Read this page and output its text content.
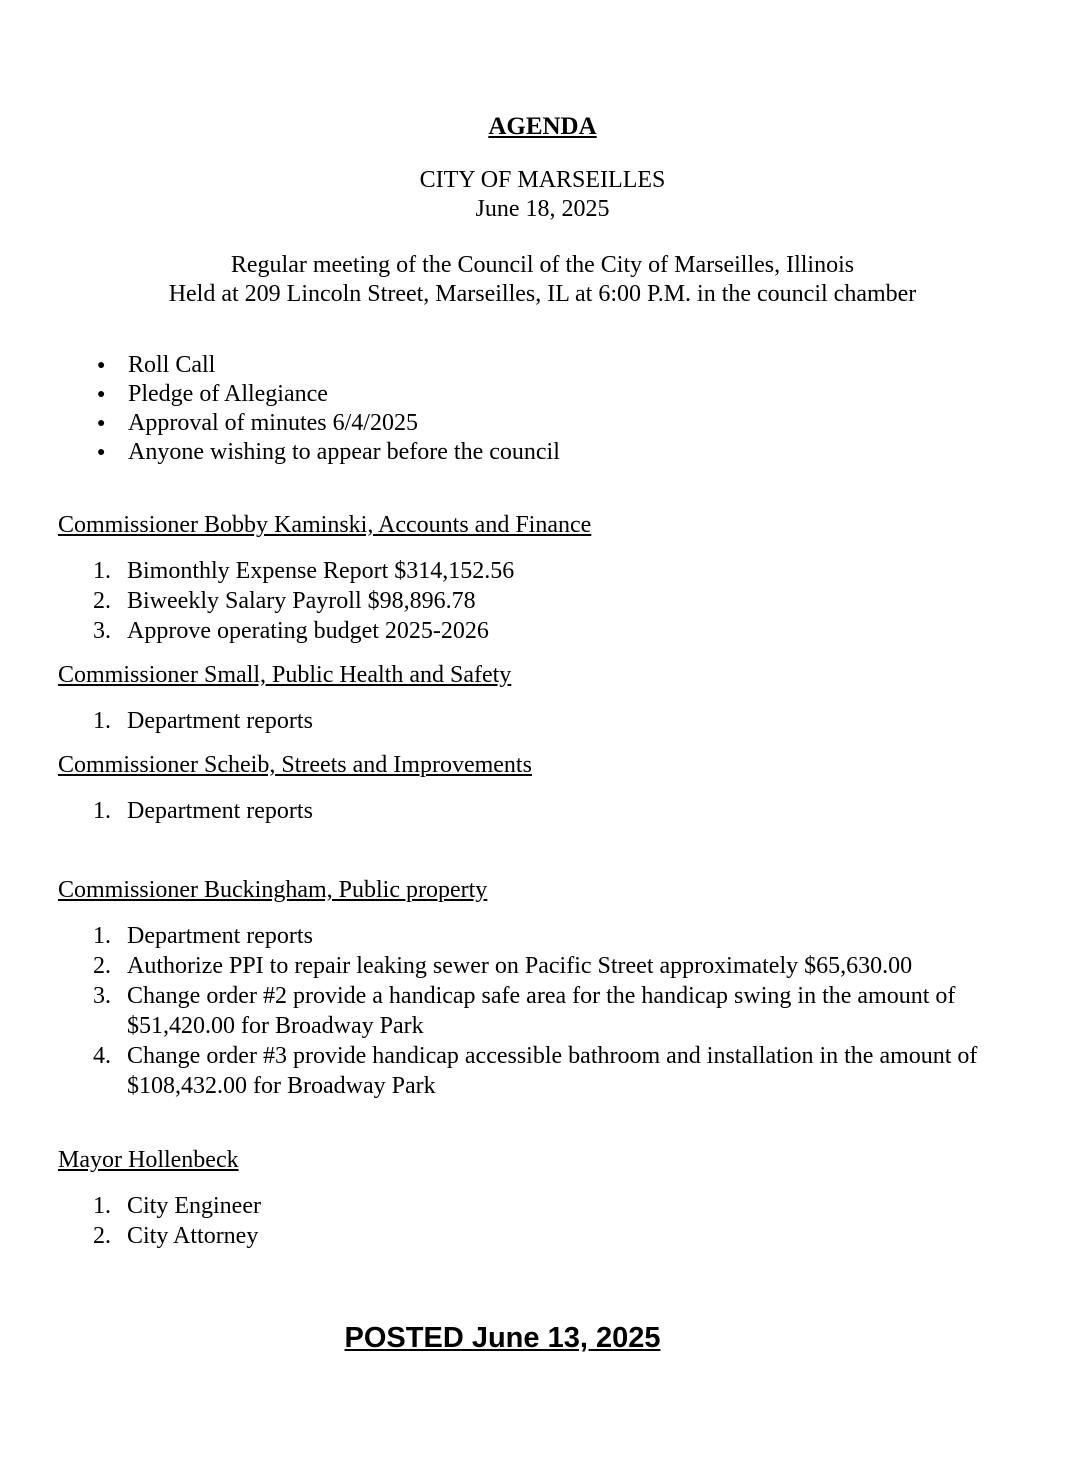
AGENDA
CITY OF MARSEILLES
June 18, 2025
Regular meeting of the Council of the City of Marseilles, Illinois
Held at 209 Lincoln Street, Marseilles, IL at 6:00 P.M. in the council chamber
● Roll Call
● Pledge of Allegiance
● Approval of minutes 6/4/2025
● Anyone wishing to appear before the council
Commissioner Bobby Kaminski, Accounts and Finance
1. Bimonthly Expense Report $314,152.56
2. Biweekly Salary Payroll $98,896.78
3. Approve operating budget 2025-2026
Commissioner Small, Public Health and Safety
1. Department reports
Commissioner Scheib, Streets and Improvements
1. Department reports
Commissioner Buckingham, Public property
1. Department reports
2. Authorize PPI to repair leaking sewer on Pacific Street approximately $65,630.00
3. Change order #2 provide a handicap safe area for the handicap swing in the amount of $51,420.00 for Broadway Park
4. Change order #3 provide handicap accessible bathroom and installation in the amount of $108,432.00 for Broadway Park
Mayor Hollenbeck
1. City Engineer
2. City Attorney
POSTED June 13, 2025
